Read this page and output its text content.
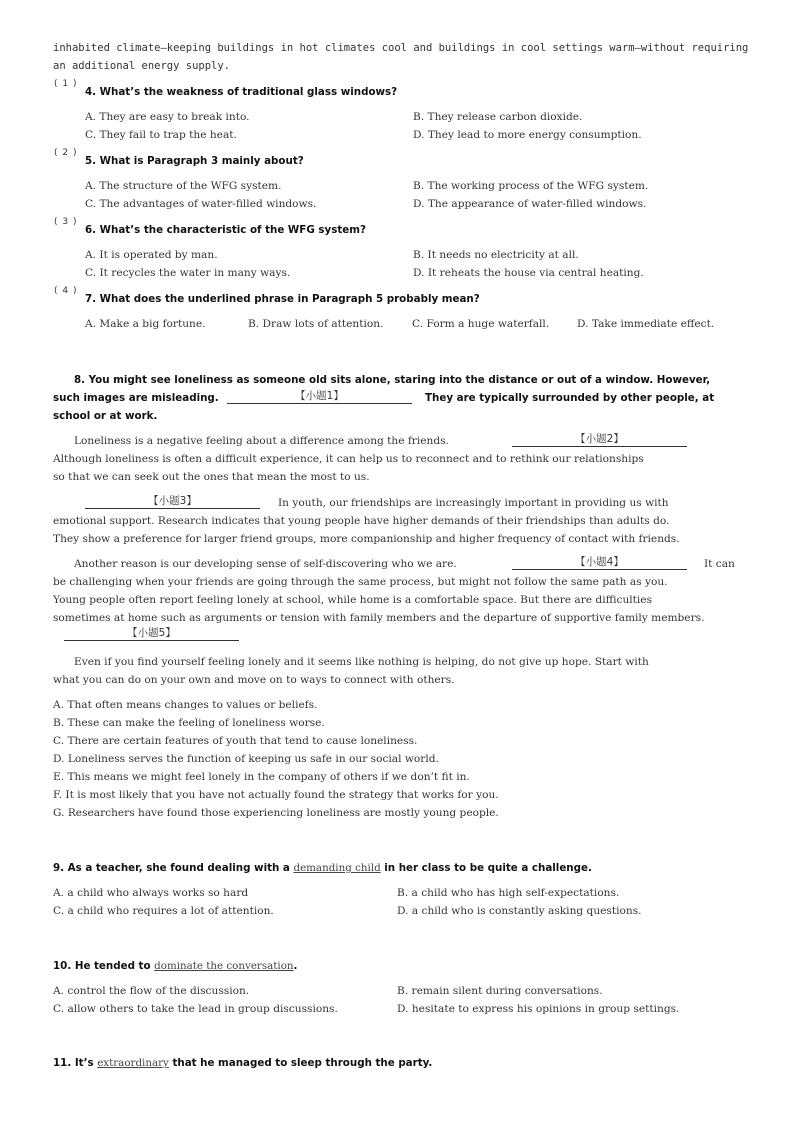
inhabited climate—keeping buildings in hot climates cool and buildings in cool settings warm—without requiring
an additional energy supply.
( 1 )
4. What’s the weakness of traditional glass windows?
A. They are easy to break into.	B. They release carbon dioxide.
C. They fail to trap the heat.	D. They lead to more energy consumption.
( 2 )
5. What is Paragraph 3 mainly about?
A. The structure of the WFG system.	B. The working process of the WFG system.
C. The advantages of water-filled windows.	D. The appearance of water-filled windows.
( 3 )
6. What’s the characteristic of the WFG system?
A. It is operated by man.	B. It needs no electricity at all.
C. It recycles the water in many ways.	D. It reheats the house via central heating.
( 4 )
7. What does the underlined phrase in Paragraph 5 probably mean?
A. Make a big fortune.	B. Draw lots of attention.	C. Form a huge waterfall.	D. Take immediate effect.
8. You might see loneliness as someone old sits alone, staring into the distance or out of a window. However,
such images are misleading.	【小题1】	They are typically surrounded by other people, at
school or at work.
Loneliness is a negative feeling about a difference among the friends.	【小题2】
Although loneliness is often a difficult experience, it can help us to reconnect and to rethink our relationships
so that we can seek out the ones that mean the most to us.
【小题3】	In youth, our friendships are increasingly important in providing us with
emotional support. Research indicates that young people have higher demands of their friendships than adults do.
They show a preference for larger friend groups, more companionship and higher frequency of contact with friends.
Another reason is our developing sense of self-discovering who we are.	【小题4】	It can
be challenging when your friends are going through the same process, but might not follow the same path as you.
Young people often report feeling lonely at school, while home is a comfortable space. But there are difficulties
sometimes at home such as arguments or tension with family members and the departure of supportive family members.
【小题5】
Even if you find yourself feeling lonely and it seems like nothing is helping, do not give up hope. Start with
what you can do on your own and move on to ways to connect with others.
A. That often means changes to values or beliefs.
B. These can make the feeling of loneliness worse.
C. There are certain features of youth that tend to cause loneliness.
D. Loneliness serves the function of keeping us safe in our social world.
E. This means we might feel lonely in the company of others if we don’t fit in.
F. It is most likely that you have not actually found the strategy that works for you.
G. Researchers have found those experiencing loneliness are mostly young people.
9. As a teacher, she found dealing with a demanding child in her class to be quite a challenge.
A. a child who always works so hard	B. a child who has high self-expectations.
C. a child who requires a lot of attention.	D. a child who is constantly asking questions.
10. He tended to dominate the conversation.
A. control the flow of the discussion.	B. remain silent during conversations.
C. allow others to take the lead in group discussions.	D. hesitate to express his opinions in group settings.
11. It’s extraordinary that he managed to sleep through the party.
